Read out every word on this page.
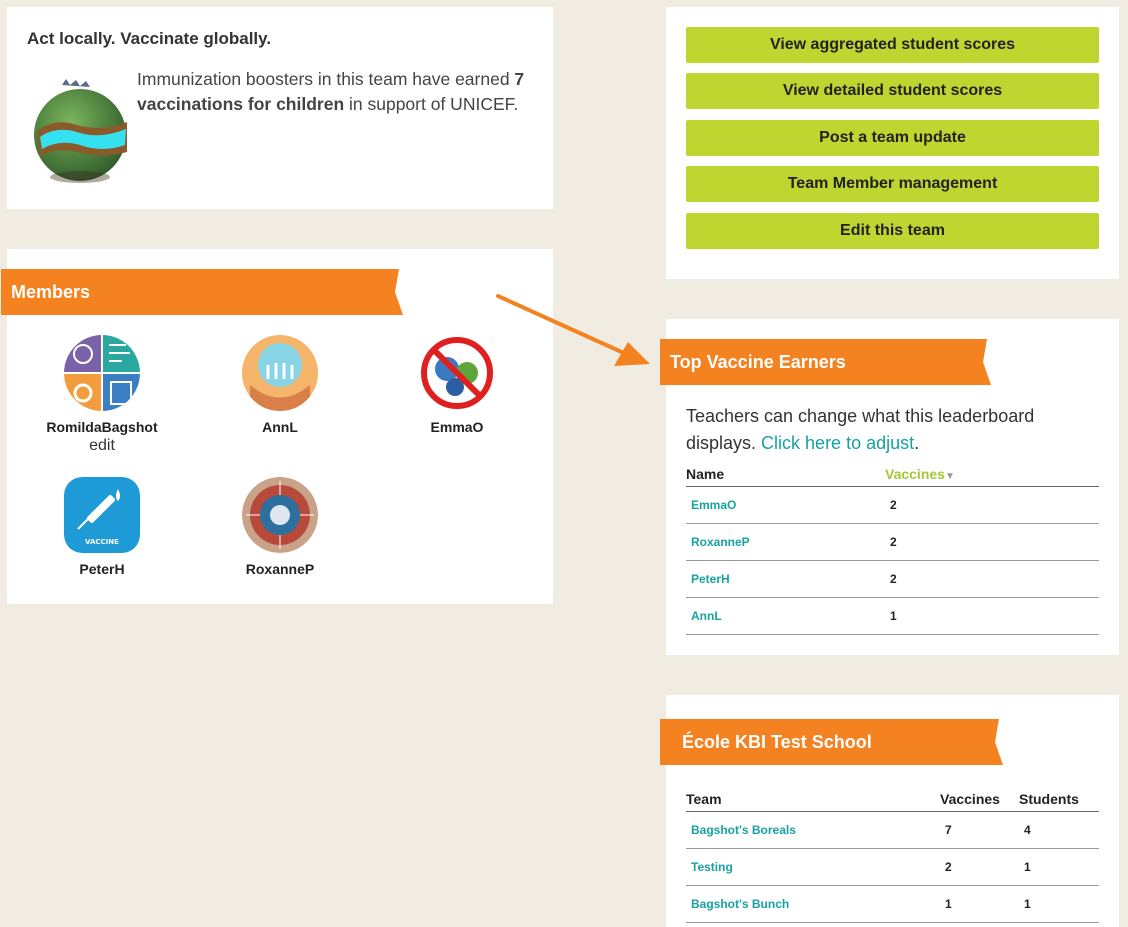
Act locally. Vaccinate globally.
Immunization boosters in this team have earned 7 vaccinations for children in support of UNICEF.
View aggregated student scores
View detailed student scores
Post a team update
Team Member management
Edit this team
Members
RomildaBagshot
edit
AnnL	EmmaO
VACCINE
PeterH	RoxanneP
Top Vaccine Earners
Teachers can change what this leaderboard displays. Click here to adjust.
Name	Vaccines▼
EmmaO	2
RoxanneP	2
PeterH	2
AnnL	1
École KBI Test School
Team	Vaccines Students
Bagshot's Boreals	7	4
Testing	2	1
Bagshot's Bunch	1	1
